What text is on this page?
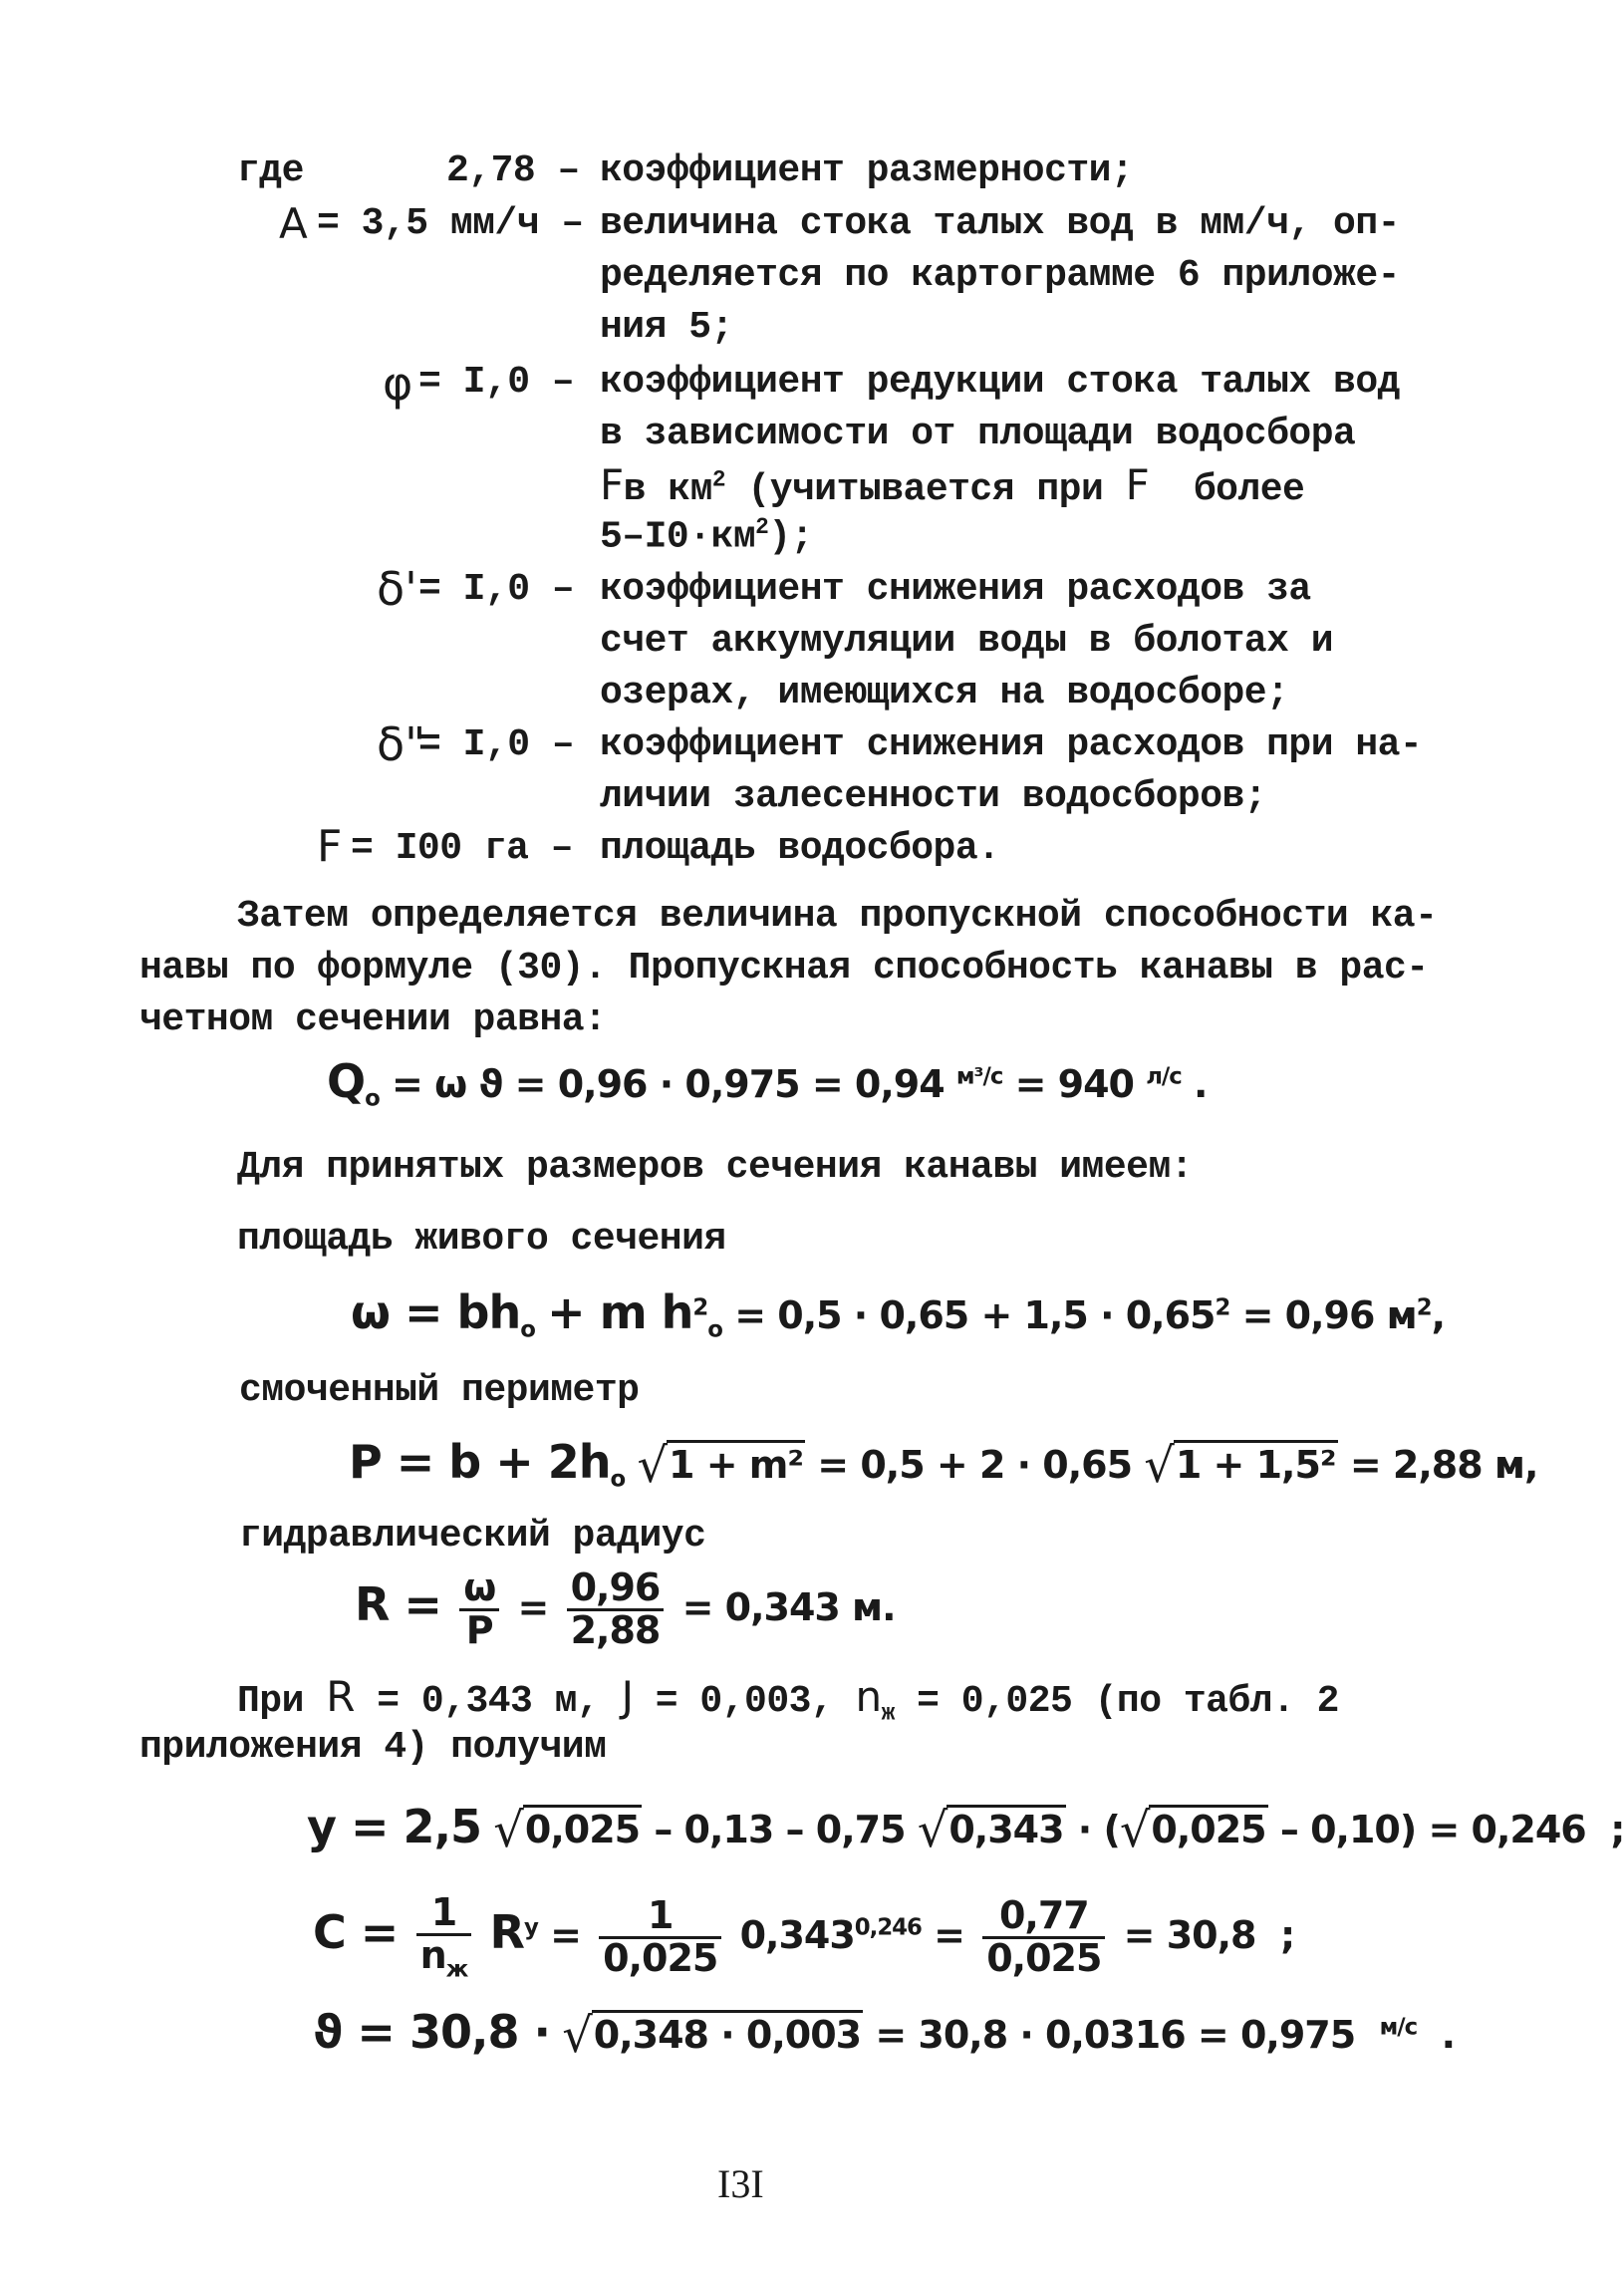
где	2,78 – коэффициент размерности;
A = 3,5 мм/ч – величина стока талых вод в мм/ч, оп-
ределяется по картограмме 6 приложе-
ния 5;
φ = I,0 – коэффициент редукции стока талых вод
в зависимости от площади водосбора
Fв $км^2$ (учитывается при F более
$5-I0\cdot км^2$);
δ' = I,0 – коэффициент снижения расходов за
счет аккумуляции воды в болотах и
озерах, имеющихся на водосборе;
δ"
= I,0 – коэффициент снижения расходов при на-
личии залесенности водосборов;
F = I00 га – площадь водосбора.
Затем определяется величина пропускной способности ка-
навы по формуле (30). Пропускная способность канавы в рас-
четном сечении равна:
$Q_o = \omega$ ϑ = 0,96 · 0,975 = 0,94 $^{м^3/с}$ = 940 $^{л/с}$ .
Для принятых размеров сечения канавы имеем:
площадь живого сечения
$\omega = bh_o + m$ $h^2_o = 0,5 \cdot 0,65 + 1,5 \cdot 0,65^2 = 0,96$ $м^2$,
смоченный периметр
$P = b + 2h_o$ √1 + m² = 0,5 + 2 · 0,65 √1 + 1,5² = 2,88 м,
гидравлический радиус
$R = \frac{\omega}{P} = \frac{0,96}{2,88} = 0,343$ м.
При R = 0,343 м, J = 0,003, $n_ж = 0,025$ (по табл. 2
приложения 4) получим
y = 2,5 √0,025 – 0,13 – 0,75 √0,343 · (√0,025 – 0,10) = 0,246 ;
$C = \frac{1}{n_ж} R^y = \frac{1}{0,025} 0,343^{0,246} = \frac{0,77}{0,025} = 30,8$ ;
ϑ = 30,8 · √0,348 · 0,003 = 30,8 · 0,0316 = 0,975 $^{м/с}$ .
I3I
